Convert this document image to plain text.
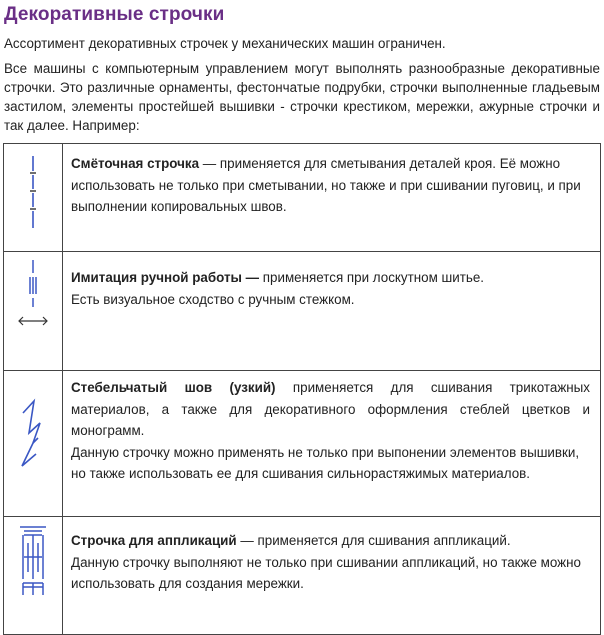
Декоративные строчки
Ассортимент декоративных строчек у механических машин ограничен.
Все машины с компьютерным управлением могут выполнять разнообразные декоративные строчки. Это различные орнаменты, фестончатые подрубки, строчки выполненные гладьевым застилом, элементы простейшей вышивки - строчки крестиком, мережки, ажурные строчки и так далее. Например:
	Смёточная строчка — применяется для сметывания деталей кроя. Её можно использовать не только при сметывании, но также и при сшивании пуговиц, и при выполнении копировальных швов.

Имитация ручной работы — применяется при лоскутном шитье.
Есть визуальное сходство с ручным стежком.

Стебельчатый шов (узкий) применяется для сшивания трикотажных материалов, а также для декоративного оформления стеблей цветков и монограмм.
Данную строчку можно применять не только при выпонении элементов вышивки, но также использовать ее для сшивания сильнорастяжимых материалов.

Строчка для аппликаций — применяется для сшивания аппликаций.
Данную строчку выполняют не только при сшивании аппликаций, но также можно использовать для создания мережки.
